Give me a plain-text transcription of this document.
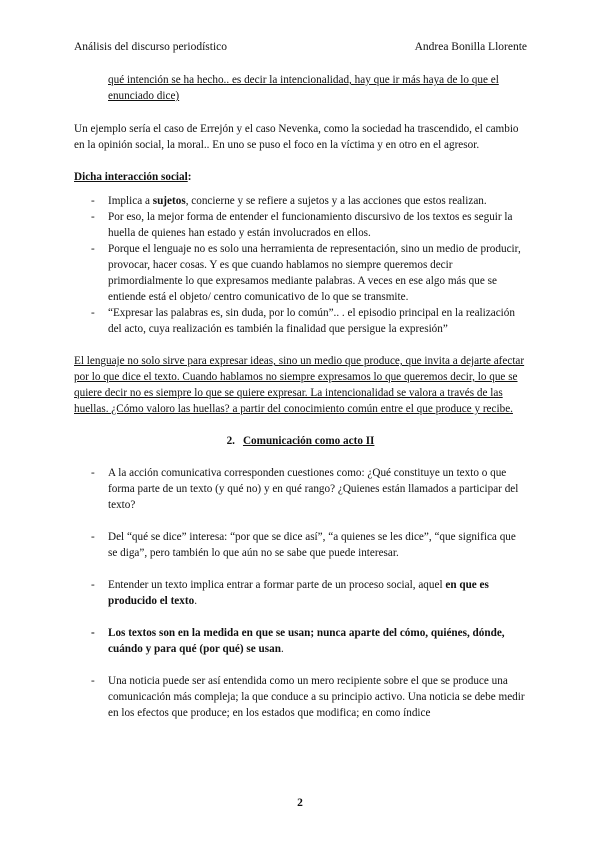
Análisis del discurso periodístico	Andrea Bonilla Llorente

qué intención se ha hecho.. es decir la intencionalidad, hay que ir más haya de lo que el enunciado dice)

Un ejemplo sería el caso de Errejón y el caso Nevenka, como la sociedad ha trascendido, el cambio en la opinión social, la moral.. En uno se puso el foco en la víctima y en otro en el agresor.

Dicha interacción social:

- Implica a sujetos, concierne y se refiere a sujetos y a las acciones que estos realizan.
- Por eso, la mejor forma de entender el funcionamiento discursivo de los textos es seguir la huella de quienes han estado y están involucrados en ellos.
- Porque el lenguaje no es solo una herramienta de representación, sino un medio de producir, provocar, hacer cosas. Y es que cuando hablamos no siempre queremos decir primordialmente lo que expresamos mediante palabras. A veces en ese algo más que se entiende está el objeto/ centro comunicativo de lo que se transmite.
- “Expresar las palabras es, sin duda, por lo común”.. . el episodio principal en la realización del acto, cuya realización es también la finalidad que persigue la expresión”

El lenguaje no solo sirve para expresar ideas, sino un medio que produce, que invita a dejarte afectar por lo que dice el texto. Cuando hablamos no siempre expresamos lo que queremos decir, lo que se quiere decir no es siempre lo que se quiere expresar. La intencionalidad se valora a través de las huellas. ¿Cómo valoro las huellas? a partir del conocimiento común entre el que produce y recibe.

2. Comunicación como acto II

- A la acción comunicativa corresponden cuestiones como: ¿Qué constituye un texto o que forma parte de un texto (y qué no) y en qué rango? ¿Quienes están llamados a participar del texto?
- Del “qué se dice” interesa: “por que se dice así”, “a quienes se les dice”, “que significa que se diga”, pero también lo que aún no se sabe que puede interesar.
- Entender un texto implica entrar a formar parte de un proceso social, aquel en que es producido el texto.
- Los textos son en la medida en que se usan; nunca aparte del cómo, quiénes, dónde, cuándo y para qué (por qué) se usan.
- Una noticia puede ser así entendida como un mero recipiente sobre el que se produce una comunicación más compleja; la que conduce a su principio activo. Una noticia se debe medir en los efectos que produce; en los estados que modifica; en como índice
2
